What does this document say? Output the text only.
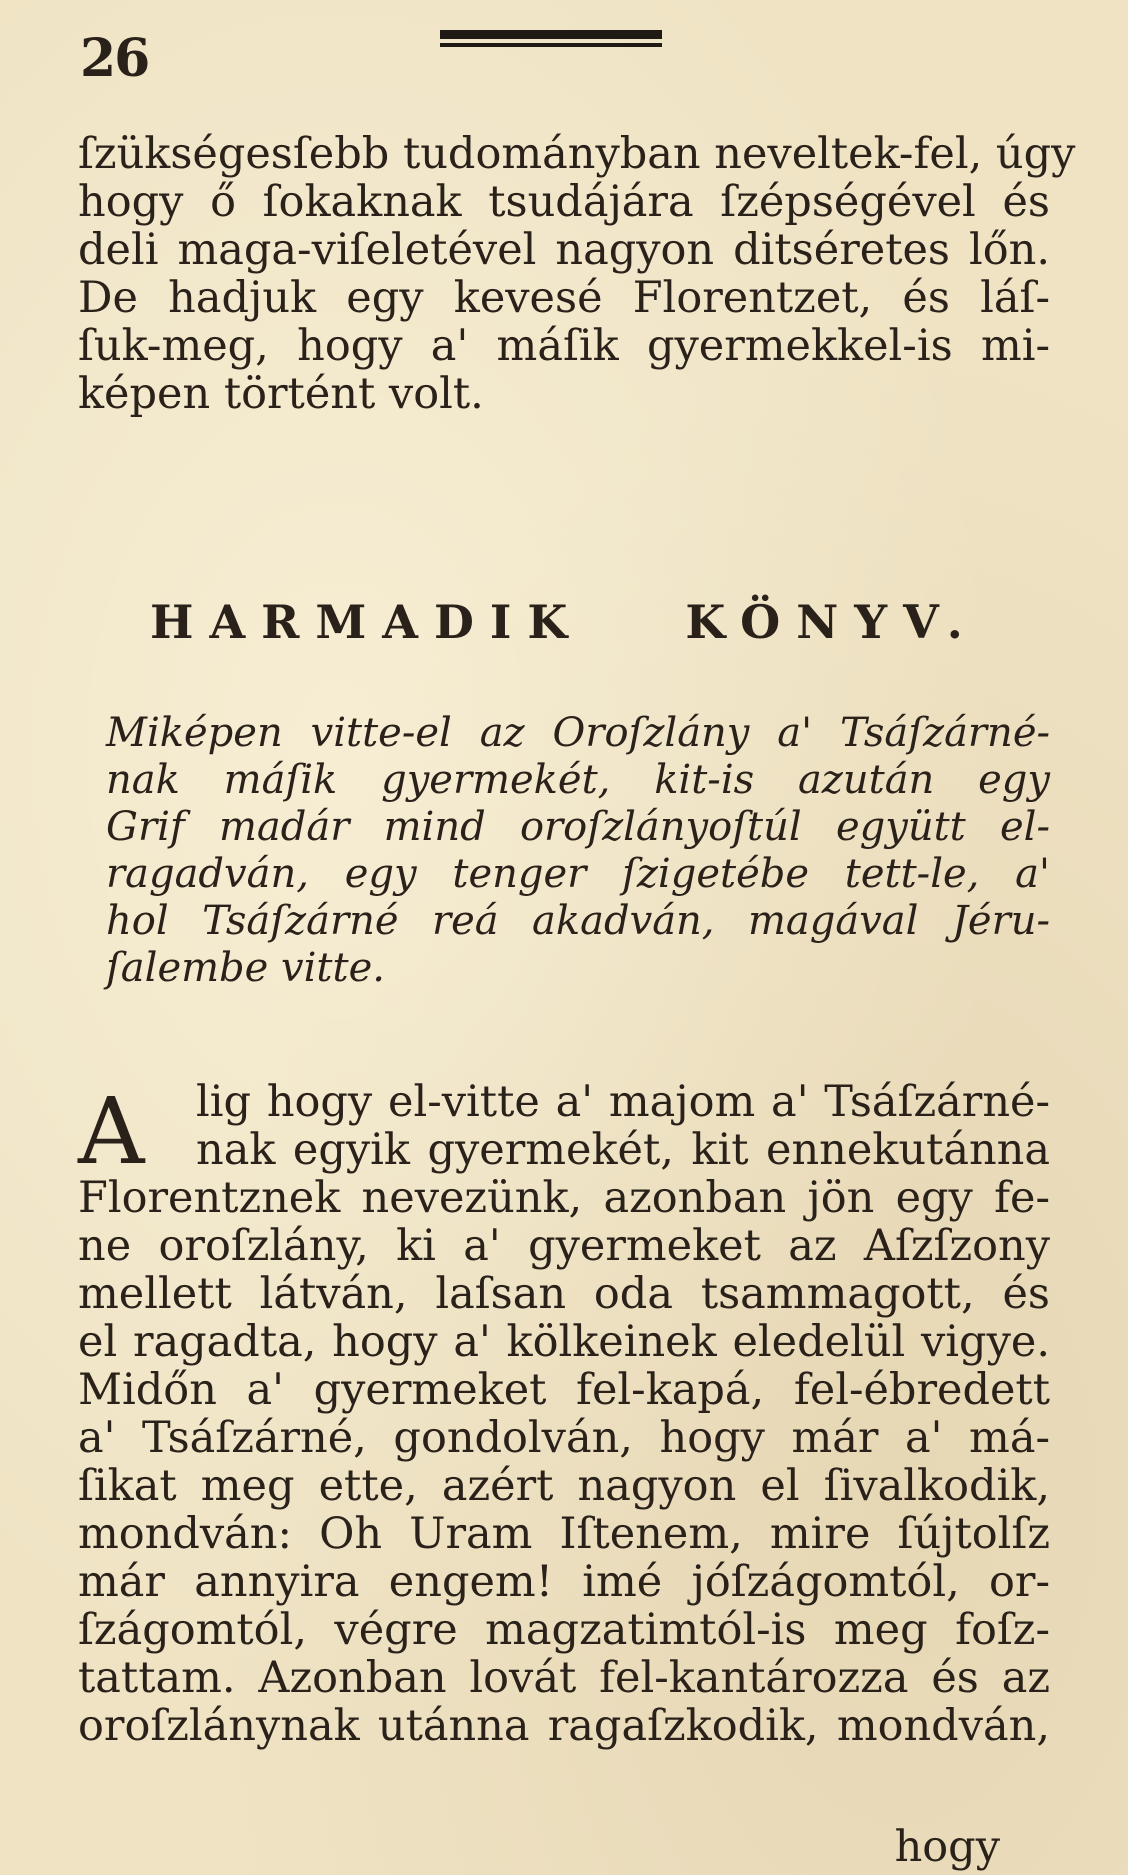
26
ſzükségesſebb tudományban neveltek-fel, úgy
hogy ő ſokaknak tsudájára ſzépségével és
deli maga-viſeletével nagyon ditséretes lőn.
De hadjuk egy kevesé Florentzet, és láſ-
ſuk-meg, hogy a' máſik gyermekkel-is mi-
képen történt volt.
HARMADIK KÖNYV.
Miképen vitte-el az Oroſzlány a' Tsáſzárné-
nak máſik gyermekét, kit-is azután egy
Grif madár mind oroſzlányoſtúl együtt el-
ragadván, egy tenger ſzigetébe tett-le, a'
hol Tsáſzárné reá akadván, magával Jéru-
ſalembe vitte.
A lig hogy el-vitte a' majom a' Tsáſzárné-
nak egyik gyermekét, kit ennekutánna
Florentznek nevezünk, azonban jön egy fe-
ne oroſzlány, ki a' gyermeket az Aſzſzony
mellett látván, laſsan oda tsammagott, és
el ragadta, hogy a' kölkeinek eledelül vigye.
Midőn a' gyermeket fel-kapá, fel-ébredett
a' Tsáſzárné, gondolván, hogy már a' má-
ſikat meg ette, azért nagyon el ſivalkodik,
mondván: Oh Uram Iſtenem, mire ſújtolſz
már annyira engem! imé jóſzágomtól, or-
ſzágomtól, végre magzatimtól-is meg foſz-
tattam. Azonban lovát fel-kantározza és az
oroſzlánynak utánna ragaſzkodik, mondván,
hogy
